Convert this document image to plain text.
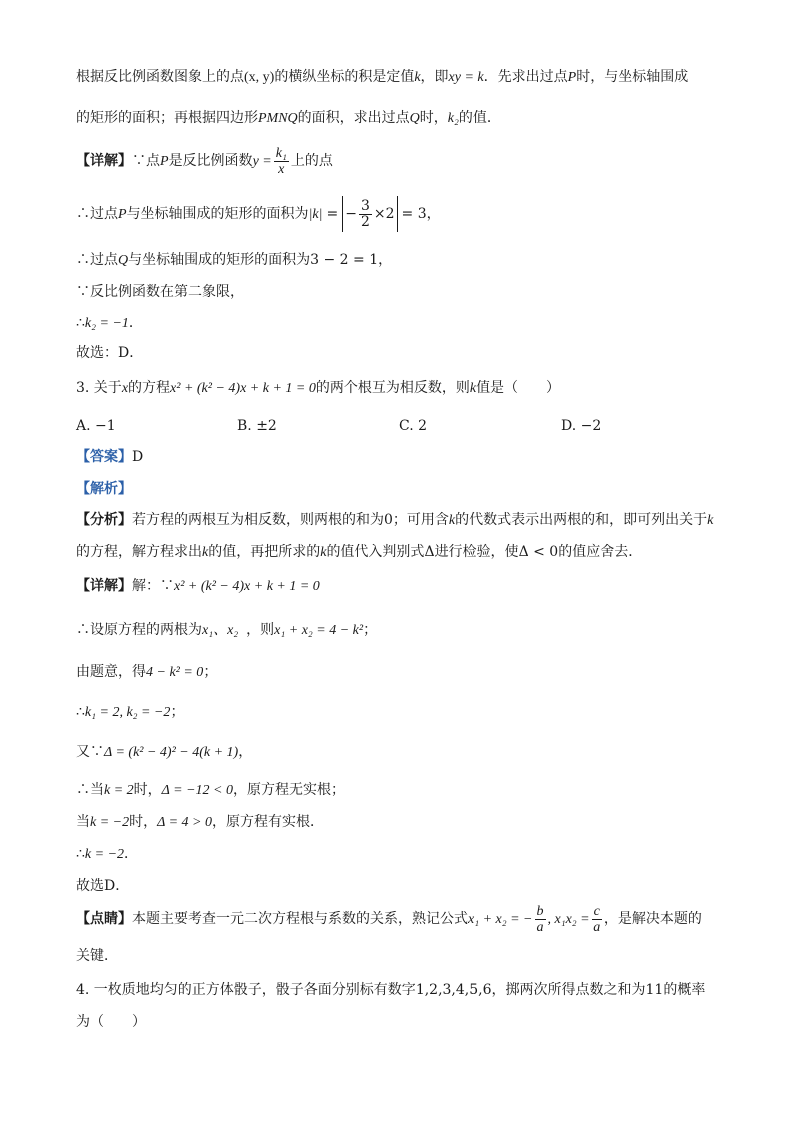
根据反比例函数图象上的点(x, y)的横纵坐标的积是定值k，即xy = k．先求出过点P时，与坐标轴围成
的矩形的面积；再根据四边形PMNQ的面积，求出过点Q时，k₂的值．
【详解】∵点P是反比例函数$y = \frac{\text{k₁}}{x}$ 上的点
∴过点P与坐标轴围成的矩形的面积为|k| = − $\frac{3}{2} \times 2 = 3$，
∴过点Q与坐标轴围成的矩形的面积为3 − 2 = 1，
∵反比例函数在第二象限，
∴k₂ = −1．
故选：D．
3. 关于x的方程x² + (k² − 4)x + k + 1 = 0的两个根互为相反数，则k值是（　　）
A. −1	B. ±2	C. 2	D. −2
【答案】D
【解析】
【分析】若方程的两根互为相反数，则两根的和为0；可用含k的代数式表示出两根的和，即可列出关于k
的方程，解方程求出k的值，再把所求的k的值代入判别式Δ进行检验，使Δ < 0的值应舍去．
【详解】解：∵x² + (k² − 4)x + k + 1 = 0
∴设原方程的两根为x₁、x₂ ，则x₁ + x₂ = 4 − k²；
由题意，得4 − k² = 0；
∴k₁ = 2, k₂ = −2；
又∵Δ = (k² − 4)² − 4(k + 1)，
∴当k = 2时，Δ = −12 < 0，原方程无实根；
当k = −2时，Δ = 4 > 0，原方程有实根．
∴k = −2．
故选D．
【点睛】本题主要考查一元二次方程根与系数的关系，熟记公式x₁ + x₂ = − $\frac{b}{a}$ , $x_1x_2 = \frac{c}{a}$ ，是解决本题的
关键．
4. 一枚质地均匀的正方体骰子，骰子各面分别标有数字1,2,3,4,5,6，掷两次所得点数之和为11的概率
为（　　）
